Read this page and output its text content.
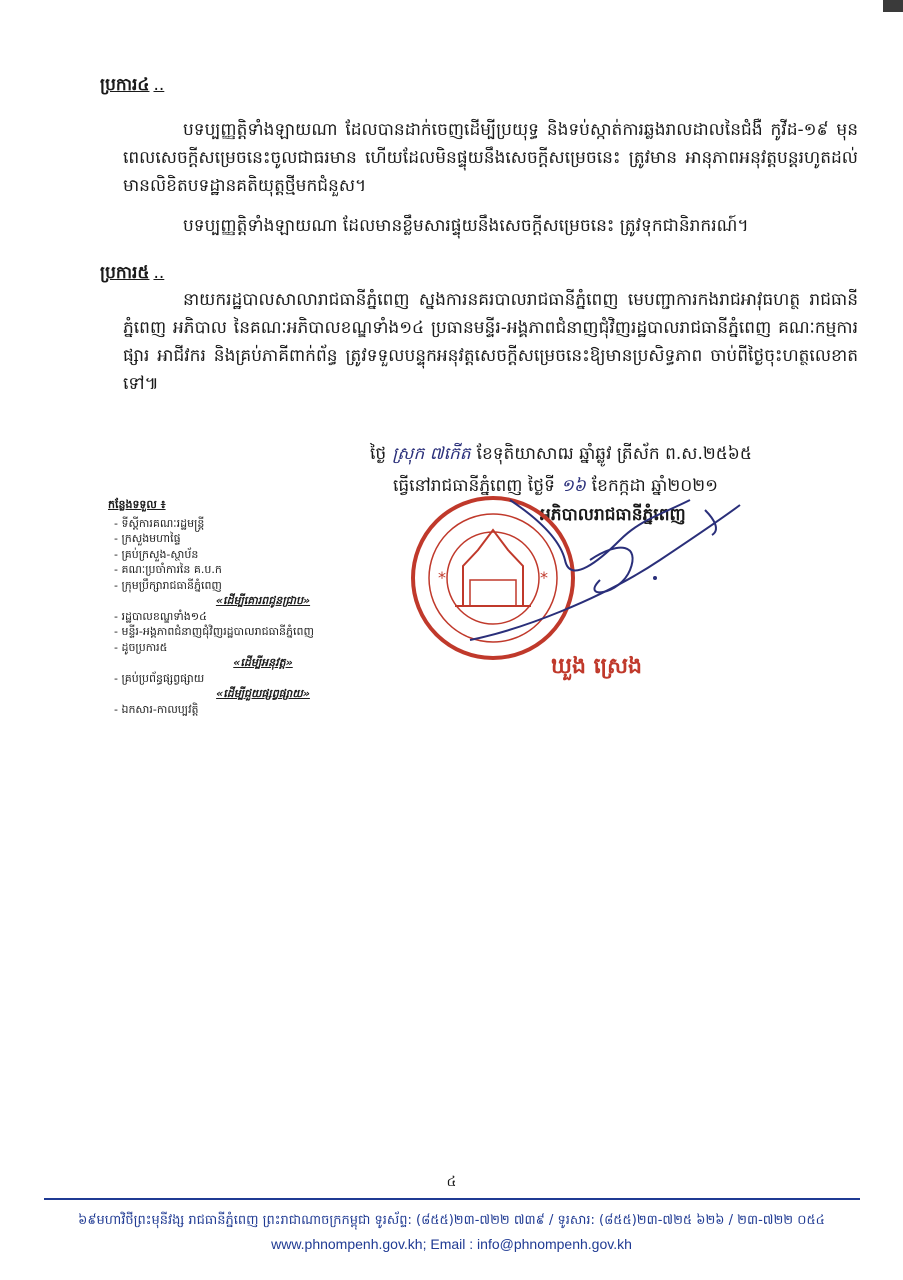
ប្រការ៤ ..
បទប្បញ្ញត្តិទាំងឡាយណា ដែលបានដាក់ចេញដើម្បីប្រយុទ្ធ និងទប់ស្កាត់ការឆ្លងរាលដាលនៃជំងឺ កូវីដ-១៩ មុនពេលសេចក្តីសម្រេចនេះចូលជាធរមាន ហើយដែលមិនផ្ទុយនឹងសេចក្តីសម្រេចនេះ ត្រូវមាន អានុភាពអនុវត្តបន្តរហូតដល់មានលិខិតបទដ្ឋានគតិយុត្តថ្មីមកជំនួស។
បទប្បញ្ញត្តិទាំងឡាយណា ដែលមានខ្លឹមសារផ្ទុយនឹងសេចក្តីសម្រេចនេះ ត្រូវទុកជានិរាករណ៍។
ប្រការ៥ ..
នាយករដ្ឋបាលសាលារាជធានីភ្នំពេញ ស្នងការនគរបាលរាជធានីភ្នំពេញ មេបញ្ជាការកងរាជអាវុធហត្ថ រាជធានីភ្នំពេញ អភិបាល នៃគណៈអភិបាលខណ្ឌទាំង១៤ ប្រធានមន្ទីរ-អង្គភាពជំនាញជុំវិញរដ្ឋបាលរាជធានីភ្នំពេញ គណៈកម្មការផ្សារ អាជីវករ និងគ្រប់ភាគីពាក់ព័ន្ធ ត្រូវទទួលបន្ទុកអនុវត្តសេចក្តីសម្រេចនេះឱ្យមានប្រសិទ្ធភាព ចាប់ពីថ្ងៃចុះហត្ថលេខាតទៅ៕
ថ្ងៃ ស្រុក ៧កើត ខែទុតិយាសាឍ ឆ្នាំឆ្លូវ ត្រីស័ក ព.ស.២៥៦៥
ធ្វើនៅរាជធានីភ្នំពេញ ថ្ងៃទី ១៦ ខែកក្កដា ឆ្នាំ២០២១
អភិបាលរាជធានីភ្នំពេញ
កន្លែងទទួល ៖
- ទីស្តីការគណៈរដ្ឋមន្ត្រី
- ក្រសួងមហាផ្ទៃ
- គ្រប់ក្រសួង-ស្ថាប័ន
- គណៈប្រចាំការនៃ គ.ប.ក
- ក្រុមប្រឹក្សារាជធានីភ្នំពេញ
«ដើម្បីគោរពជូនជ្រាប»
- រដ្ឋបាលខណ្ឌទាំង១៤
- មន្ទីរ-អង្គភាពជំនាញជុំវិញរដ្ឋបាលរាជធានីភ្នំពេញ
- ដូចប្រការ៥
«ដើម្បីអនុវត្ត»
- គ្រប់ប្រព័ន្ធផ្សព្វផ្សាយ
«ដើម្បីជួយផ្សព្វផ្សាយ»
- ឯកសារ-កាលប្បវត្តិ
*	*
ឃួង ស្រេង
៤
៦៩មហាវិថីព្រះមុនីវង្ស រាជធានីភ្នំពេញ ព្រះរាជាណាចក្រកម្ពុជា ទូរស័ព្ទ: (៨៥៥)២៣-៧២២ ៧៣៩ / ទូរសារ: (៨៥៥)២៣-៧២៥ ៦២៦ / ២៣-៧២២ ០៥៤
www.phnompenh.gov.kh; Email : info@phnompenh.gov.kh
